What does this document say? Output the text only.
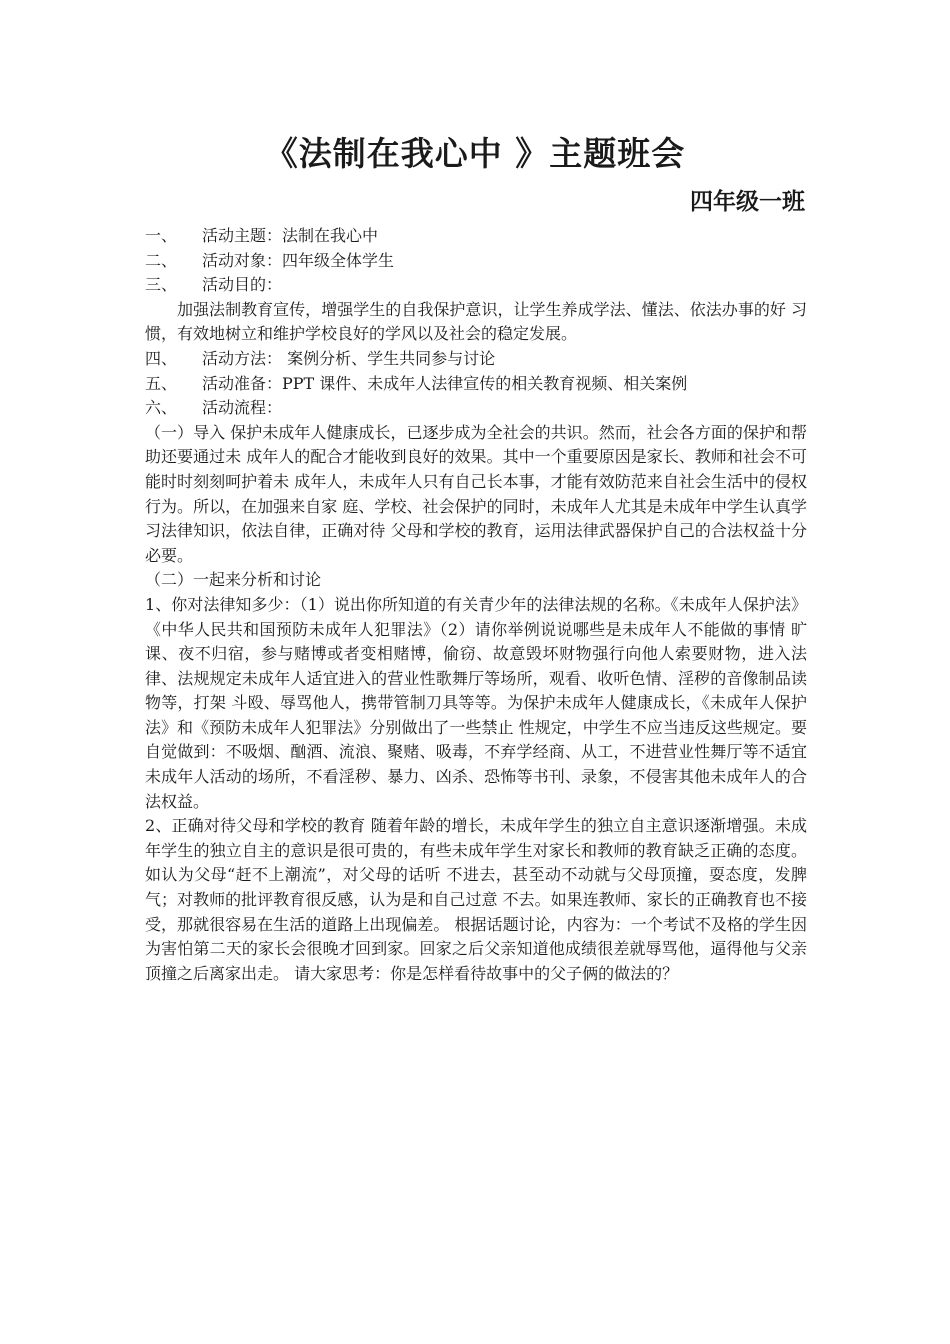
《法制在我心中 》主题班会
四年级一班
一、	活动主题：法制在我心中
二、	活动对象：四年级全体学生
三、	活动目的：

加强法制教育宣传，增强学生的自我保护意识，让学生养成学法、懂法、依法办事的好 习惯，有效地树立和维护学校良好的学风以及社会的稳定发展。

四、	活动方法： 案例分析、学生共同参与讨论
五、	活动准备：PPT 课件、未成年人法律宣传的相关教育视频、相关案例
六、	活动流程：

（一）导入 保护未成年人健康成长，已逐步成为全社会的共识。然而，社会各方面的保护和帮助还要通过未 成年人的配合才能收到良好的效果。其中一个重要原因是家长、教师和社会不可能时时刻刻呵护着未 成年人，未成年人只有自己长本事，才能有效防范来自社会生活中的侵权行为。所以，在加强来自家 庭、学校、社会保护的同时，未成年人尤其是未成年中学生认真学习法律知识，依法自律，正确对待 父母和学校的教育，运用法律武器保护自己的合法权益十分必要。

（二）一起来分析和讨论

1、你对法律知多少：（1）说出你所知道的有关青少年的法律法规的名称。《未成年人保护法》《中华人民共和国预防未成年人犯罪法》（2）请你举例说说哪些是未成年人不能做的事情 旷课、夜不归宿，参与赌博或者变相赌博，偷窃、故意毁坏财物强行向他人索要财物，进入法律、法规规定未成年人适宜进入的营业性歌舞厅等场所，观看、收听色情、淫秽的音像制品读物等，打架 斗殴、辱骂他人，携带管制刀具等等。为保护未成年人健康成长，《未成年人保护法》和《预防未成年人犯罪法》分别做出了一些禁止 性规定，中学生不应当违反这些规定。要自觉做到：不吸烟、酗酒、流浪、聚赌、吸毒，不弃学经商、从工，不进营业性舞厅等不适宜未成年人活动的场所，不看淫秽、暴力、凶杀、恐怖等书刊、录象，不侵害其他未成年人的合法权益。

2、正确对待父母和学校的教育 随着年龄的增长，未成年学生的独立自主意识逐渐增强。未成年学生的独立自主的意识是很可贵的，有些未成年学生对家长和教师的教育缺乏正确的态度。如认为父母“赶不上潮流”，对父母的话听 不进去，甚至动不动就与父母顶撞，耍态度，发脾气；对教师的批评教育很反感，认为是和自己过意 不去。如果连教师、家长的正确教育也不接受，那就很容易在生活的道路上出现偏差。 根据话题讨论，内容为：一个考试不及格的学生因为害怕第二天的家长会很晚才回到家。回家之后父亲知道他成绩很差就辱骂他，逼得他与父亲顶撞之后离家出走。 请大家思考：你是怎样看待故事中的父子俩的做法的？
